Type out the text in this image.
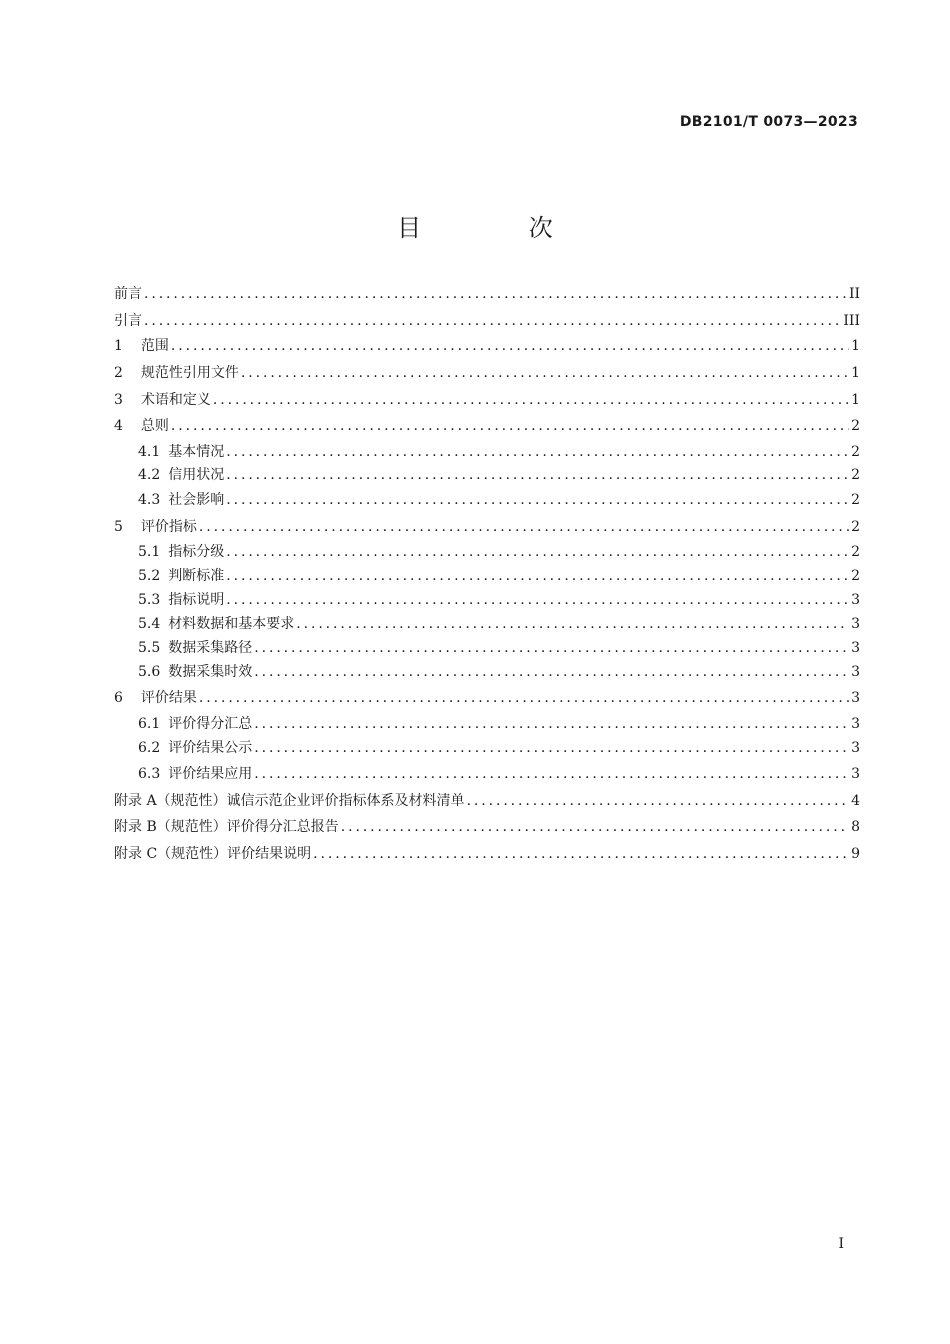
DB2101/T 0073—2023
目 次
前言 .....	II
引言 .....	III
1 范围 .....	1
2 规范性引用文件 .....	1
3 术语和定义 .....	1
4 总则 .....	2
4.1 基本情况 .....	2
4.2 信用状况 .....	2
4.3 社会影响 .....	2
5 评价指标 .....	2
5.1 指标分级 .....	2
5.2 判断标准 .....	2
5.3 指标说明 .....	3
5.4 材料数据和基本要求 .....	3
5.5 数据采集路径 .....	3
5.6 数据采集时效 .....	3
6 评价结果 .....	3
6.1 评价得分汇总 .....	3
6.2 评价结果公示 .....	3
6.3 评价结果应用 .....	3
附录 A（规范性）诚信示范企业评价指标体系及材料清单 .....	4
附录 B（规范性）评价得分汇总报告 .....	8
附录 C（规范性）评价结果说明 .....	9
I
